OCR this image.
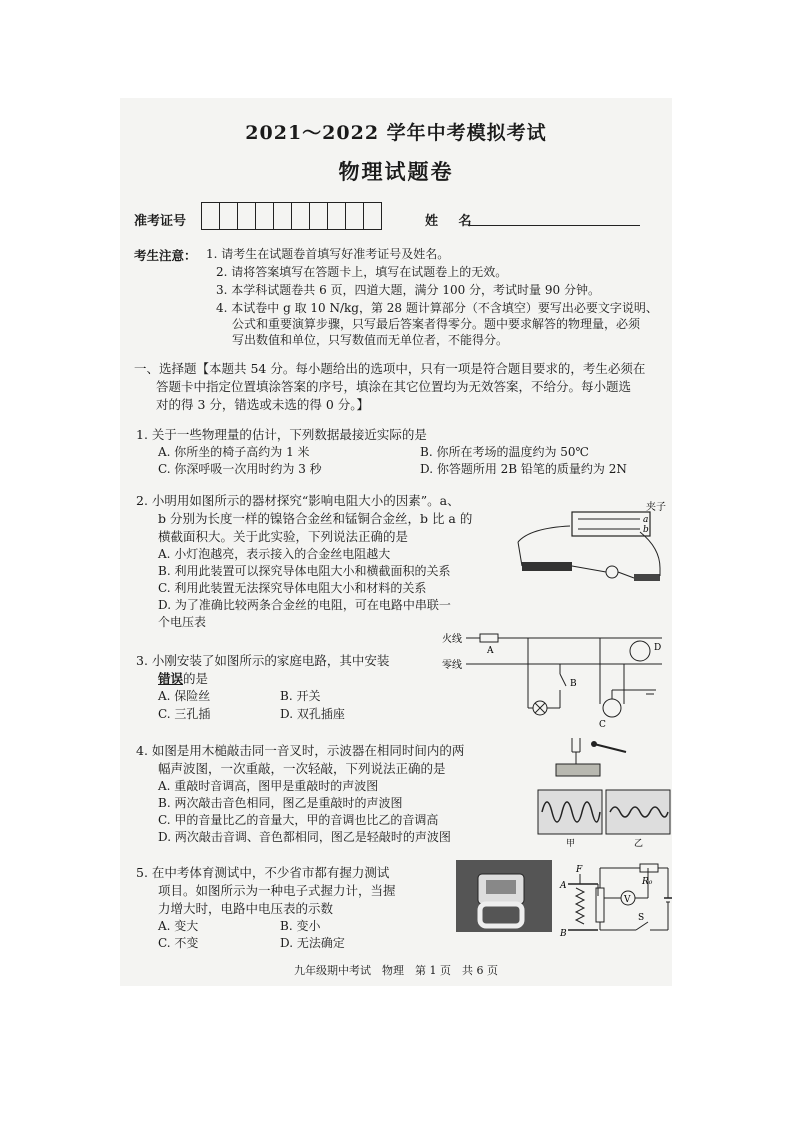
2021～2022 学年中考模拟考试
物理试题卷
准考证号	姓 名
考生注意： 1. 请考生在试题卷首填写好准考证号及姓名。
2. 请将答案填写在答题卡上，填写在试题卷上的无效。
3. 本学科试题卷共 6 页，四道大题，满分 100 分，考试时量 90 分钟。
4. 本试卷中 g 取 10 N/kg，第 28 题计算部分（不含填空）要写出必要文字说明、
公式和重要演算步骤，只写最后答案者得零分。题中要求解答的物理量，必须
写出数值和单位，只写数值而无单位者，不能得分。
一、选择题【本题共 54 分。每小题给出的选项中，只有一项是符合题目要求的，考生必须在
答题卡中指定位置填涂答案的序号，填涂在其它位置均为无效答案，不给分。每小题选
对的得 3 分，错选或未选的得 0 分。】
1. 关于一些物理量的估计，下列数据最接近实际的是
A. 你所坐的椅子高约为 1 米	B. 你所在考场的温度约为 50℃
C. 你深呼吸一次用时约为 3 秒	D. 你答题所用 2B 铅笔的质量约为 2N
2. 小明用如图所示的器材探究“影响电阻大小的因素”。a、
b 分别为长度一样的镍铬合金丝和锰铜合金丝，b 比 a 的
横截面积大。关于此实验，下列说法正确的是
A. 小灯泡越亮，表示接入的合金丝电阻越大
B. 利用此装置可以探究导体电阻大小和横截面积的关系
C. 利用此装置无法探究导体电阻大小和材料的关系
D. 为了准确比较两条合金丝的电阻，可在电路中串联一
个电压表
a
b
夹子
3. 小刚安装了如图所示的家庭电路，其中安装
错误的是
A. 保险丝	B. 开关
C. 三孔插	D. 双孔插座
火线
零线
A
B
C
D
4. 如图是用木槌敲击同一音叉时，示波器在相同时间内的两
幅声波图，一次重敲，一次轻敲，下列说法正确的是
A. 重敲时音调高，图甲是重敲时的声波图
B. 两次敲击音色相同，图乙是重敲时的声波图
C. 甲的音量比乙的音量大，甲的音调也比乙的音调高
D. 两次敲击音调、音色都相同，图乙是轻敲时的声波图	甲	乙
5. 在中考体育测试中，不少省市都有握力测试
项目。如图所示为一种电子式握力计，当握
力增大时，电路中电压表的示数
A. 变大	B. 变小
C. 不变	D. 无法确定
A
B
F
R₀
V
S
九年级期中考试　物理　第 1 页　共 6 页
